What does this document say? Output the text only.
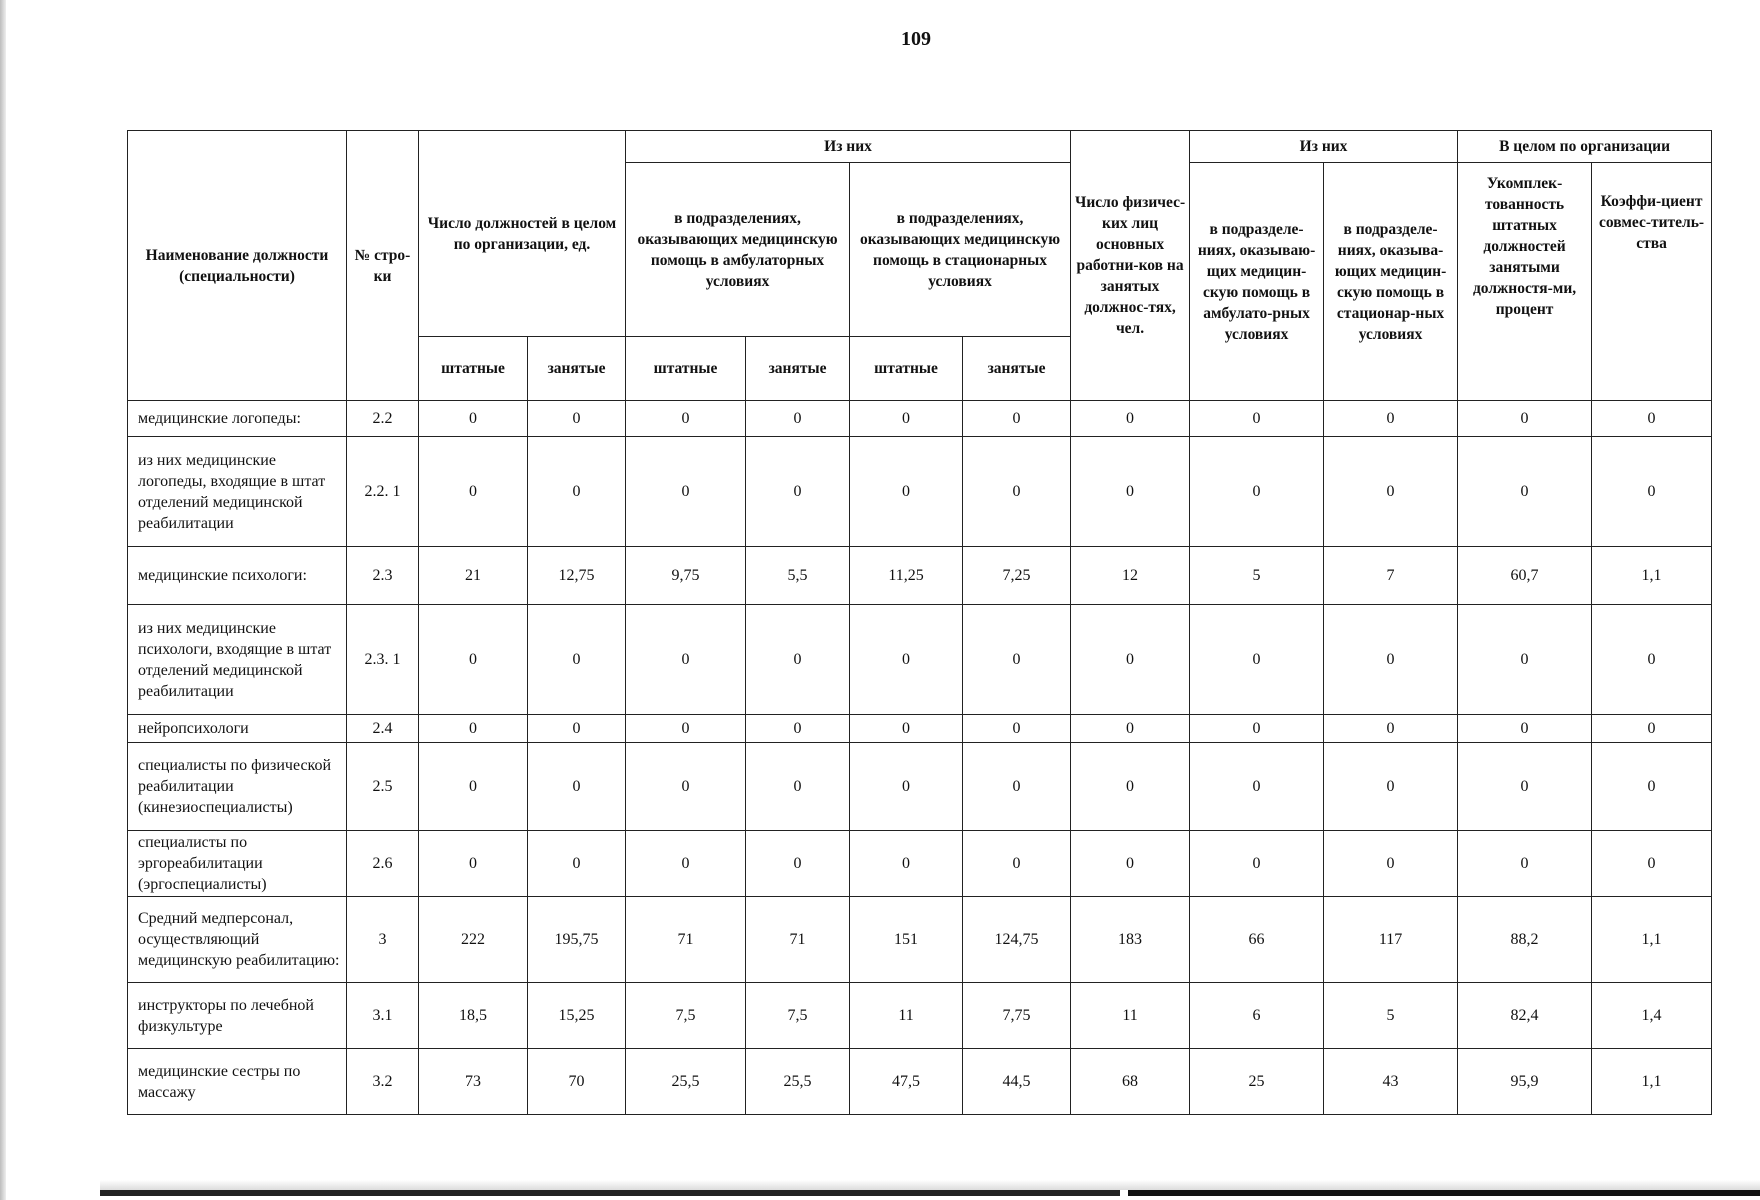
109
Наименование должности (специальности)	№ стро-ки	Число должностей в целом по организации, ед.		Из них				Число физичес-ких лиц основных работни-ков на занятых должнос-тях, чел.	Из них		В целом по организации	
				в подразделениях, оказывающих медицинскую помощь в амбулаторных условиях		в подразделениях, оказывающих медицинскую помощь в стационарных условиях			в подразделе-ниях, оказываю-щих медицин-скую помощь в амбулато-рных условиях	в подразделе-ниях, оказыва-ющих медицин-скую помощь в стационар-ных условиях	Укомплек-тованность штатных должностей занятыми должностя-ми, процент	Коэффи-циент совмес-титель-ства
		штатные	занятые	штатные	занятые	штатные	занятые					
медицинские логопеды:	2.2	0	0	0	0	0	0	0	0	0	0	0
из них медицинские логопеды, входящие в штат отделений медицинской реабилитации	2.2. 1	0	0	0	0	0	0	0	0	0	0	0
медицинские психологи:	2.3	21	12,75	9,75	5,5	11,25	7,25	12	5	7	60,7	1,1
из них медицинские психологи, входящие в штат отделений медицинской реабилитации	2.3. 1	0	0	0	0	0	0	0	0	0	0	0
нейропсихологи	2.4	0	0	0	0	0	0	0	0	0	0	0
специалисты по физической реабилитации (кинезиоспециалисты)	2.5	0	0	0	0	0	0	0	0	0	0	0
специалисты по эргореабилитации (эргоспециалисты)	2.6	0	0	0	0	0	0	0	0	0	0	0
Средний медперсонал, осуществляющий медицинскую реабилитацию:	3	222	195,75	71	71	151	124,75	183	66	117	88,2	1,1
инструкторы по лечебной физкультуре	3.1	18,5	15,25	7,5	7,5	11	7,75	11	6	5	82,4	1,4
медицинские сестры по массажу	3.2	73	70	25,5	25,5	47,5	44,5	68	25	43	95,9	1,1
